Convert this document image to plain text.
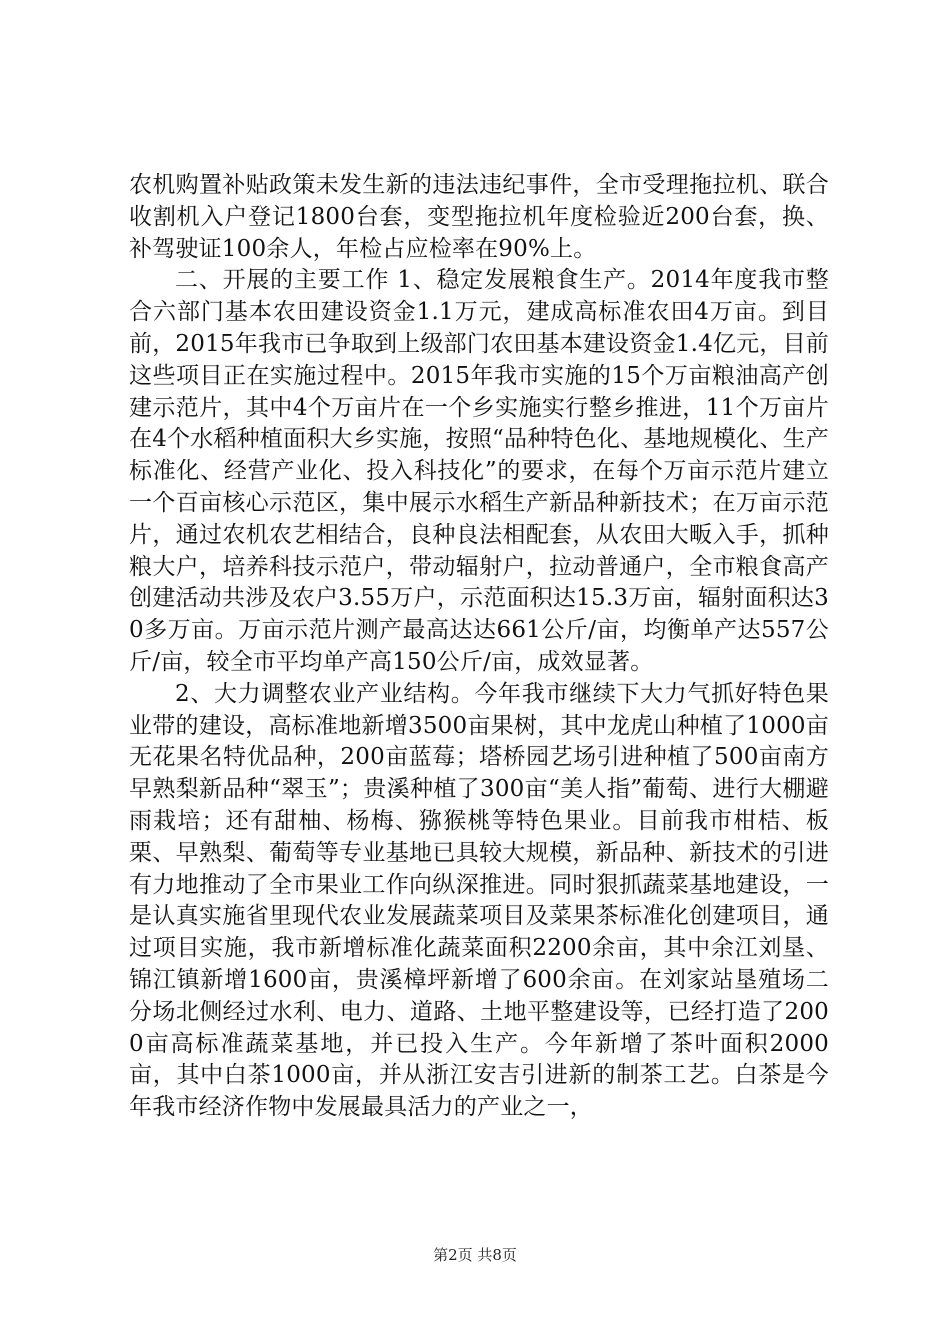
农机购置补贴政策未发生新的违法违纪事件，全市受理拖拉机、联合收割机入户登记1800台套，变型拖拉机年度检验近200台套，换、补驾驶证100余人，年检占应检率在90%上。

二、开展的主要工作 1、稳定发展粮食生产。2014年度我市整合六部门基本农田建设资金1.1万元，建成高标准农田4万亩。到目前，2015年我市已争取到上级部门农田基本建设资金1.4亿元，目前这些项目正在实施过程中。2015年我市实施的15个万亩粮油高产创建示范片，其中4个万亩片在一个乡实施实行整乡推进，11个万亩片在4个水稻种植面积大乡实施，按照“品种特色化、基地规模化、生产标准化、经营产业化、投入科技化”的要求，在每个万亩示范片建立一个百亩核心示范区，集中展示水稻生产新品种新技术；在万亩示范片，通过农机农艺相结合，良种良法相配套，从农田大畈入手，抓种粮大户，培养科技示范户，带动辐射户，拉动普通户，全市粮食高产创建活动共涉及农户3.55万户，示范面积达15.3万亩，辐射面积达30多万亩。万亩示范片测产最高达达661公斤/亩，均衡单产达557公斤/亩，较全市平均单产高150公斤/亩，成效显著。

2、大力调整农业产业结构。今年我市继续下大力气抓好特色果业带的建设，高标准地新增3500亩果树，其中龙虎山种植了1000亩无花果名特优品种，200亩蓝莓；塔桥园艺场引进种植了500亩南方早熟梨新品种“翠玉”；贵溪种植了300亩“美人指”葡萄、进行大棚避雨栽培；还有甜柚、杨梅、猕猴桃等特色果业。目前我市柑桔、板栗、早熟梨、葡萄等专业基地已具较大规模，新品种、新技术的引进有力地推动了全市果业工作向纵深推进。同时狠抓蔬菜基地建设，一是认真实施省里现代农业发展蔬菜项目及菜果茶标准化创建项目，通过项目实施，我市新增标准化蔬菜面积2200余亩，其中余江刘垦、锦江镇新增1600亩，贵溪樟坪新增了600余亩。在刘家站垦殖场二分场北侧经过水利、电力、道路、土地平整建设等，已经打造了2000亩高标准蔬菜基地，并已投入生产。今年新增了茶叶面积2000亩，其中白茶1000亩，并从浙江安吉引进新的制茶工艺。白茶是今年我市经济作物中发展最具活力的产业之一，

第2页 共8页
